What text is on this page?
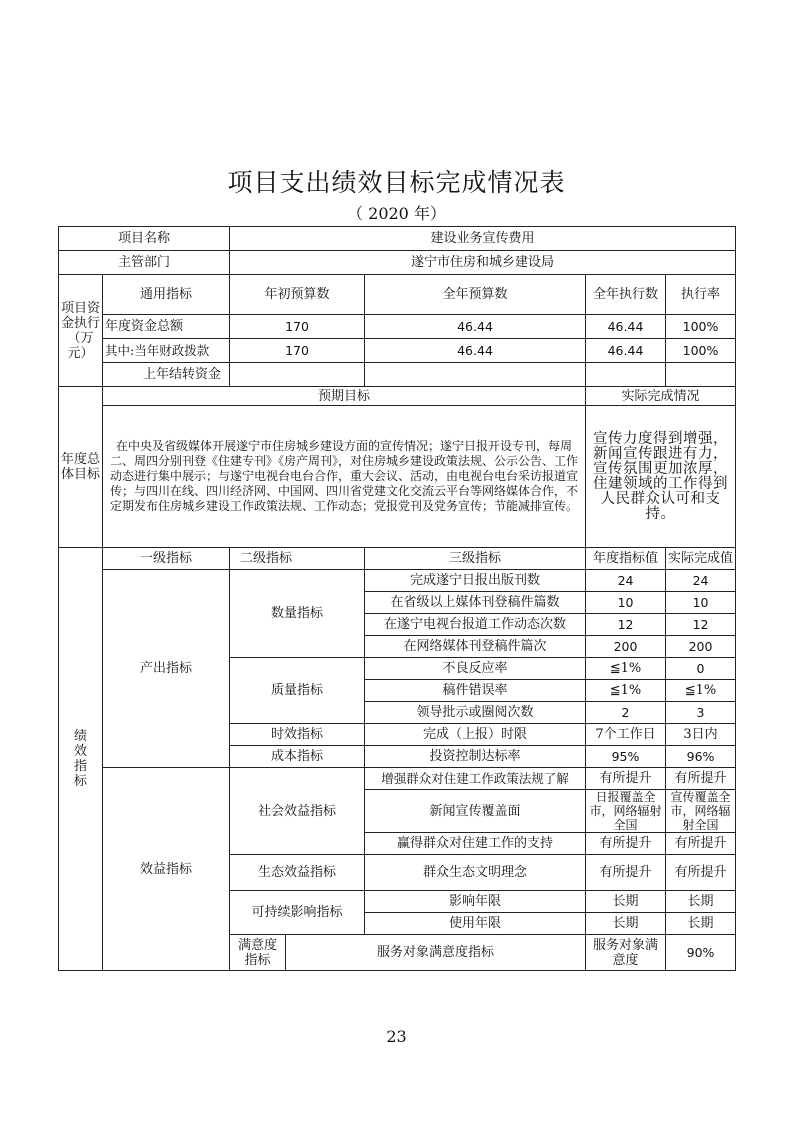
项目支出绩效目标完成情况表
（ 2020 年）
项目名称		建设业务宣传费用					
主管部门		遂宁市住房和城乡建设局					
项目资金执行（万元）	通用指标	年初预算数		全年预算数	全年执行数	执行率	
	年度资金总额	170		46.44	46.44	100%	
	其中:当年财政拨款	170		46.44	46.44	100%	
	上年结转资金						
年度总体目标	预期目标				实际完成情况		
	在中央及省级媒体开展遂宁市住房城乡建设方面的宣传情况；遂宁日报开设专刊，每周二、周四分别刊登《住建专刊》《房产周刊》，对住房城乡建设政策法规、公示公告、工作动态进行集中展示；与遂宁电视台电台合作，重大会议、活动，由电视台电台采访报道宣传；与四川在线、四川经济网、中国网、四川省党建文化交流云平台等网络媒体合作，不定期发布住房城乡建设工作政策法规、工作动态；党报党刊及党务宣传；节能减排宣传。				宣传力度得到增强，新闻宣传跟进有力，宣传氛围更加浓厚，住建领域的工作得到人民群众认可和支持。		
绩效指标	一级指标	二级指标		三级指标	年度指标值	实际完成值	
	产出指标	数量指标		完成遂宁日报出版刊数	24	24	
				在省级以上媒体刊登稿件篇数	10	10	
				在遂宁电视台报道工作动态次数	12	12	
				在网络媒体刊登稿件篇次	200	200	
		质量指标		不良反应率	≦1%	0	
				稿件错误率	≦1%	≦1%	
				领导批示或圈阅次数	2	3	
		时效指标		完成（上报）时限	7个工作日	3日内	
		成本指标		投资控制达标率	95%	96%	
	效益指标	社会效益指标		增强群众对住建工作政策法规了解	有所提升	有所提升	
				新闻宣传覆盖面	日报覆盖全市，网络辐射全国	宣传覆盖全市，网络辐射全国	
				赢得群众对住建工作的支持	有所提升	有所提升	
		生态效益指标		群众生态文明理念	有所提升	有所提升	
		可持续影响指标		影响年限	长期	长期	
				使用年限	长期	长期	
		满意度指标	服务对象满意度指标		服务对象满意度	90%	
23
